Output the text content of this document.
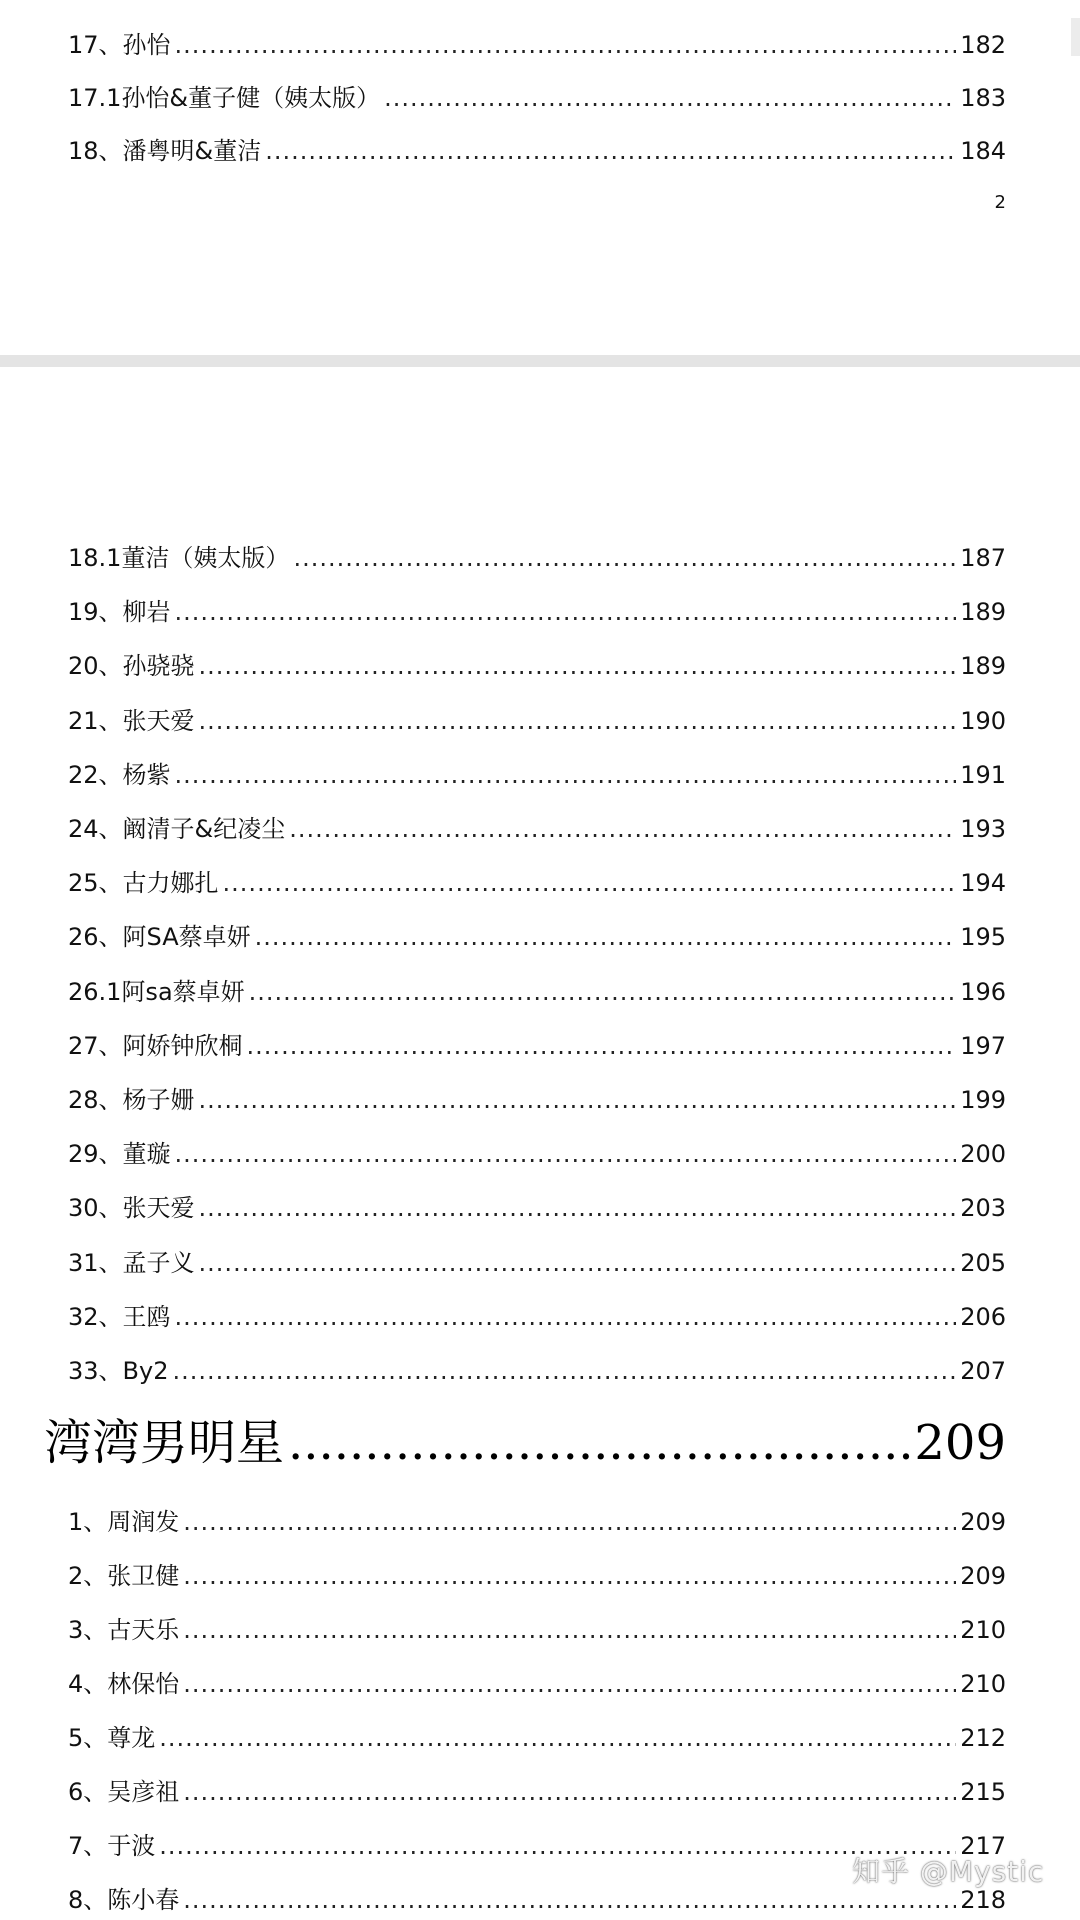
17、孙怡 .....	182
17.1孙怡&董子健（姨太版） .....	183
18、潘粤明&董洁 .....	184
2
18.1董洁（姨太版） .....	187
19、柳岩 .....	189
20、孙骁骁 .....	189
21、张天爱 .....	190
22、杨紫 .....	191
24、阚清子&纪凌尘 .....	193
25、古力娜扎 .....	194
26、阿SA蔡卓妍 .....	195
26.1阿sa蔡卓妍 .....	196
27、阿娇钟欣桐 .....	197
28、杨子姗 .....	199
29、董璇 .....	200
30、张天爱 .....	203
31、孟子义 .....	205
32、王鸥 .....	206
33、By2 .....	207
湾湾男明星 .....	209
1、周润发 .....	209
2、张卫健 .....	209
3、古天乐 .....	210
4、林保怡 .....	210
5、尊龙 .....	212
6、吴彦祖 .....	215
7、于波 .....	217
8、陈小春 .....	218
知乎 @Mystic
